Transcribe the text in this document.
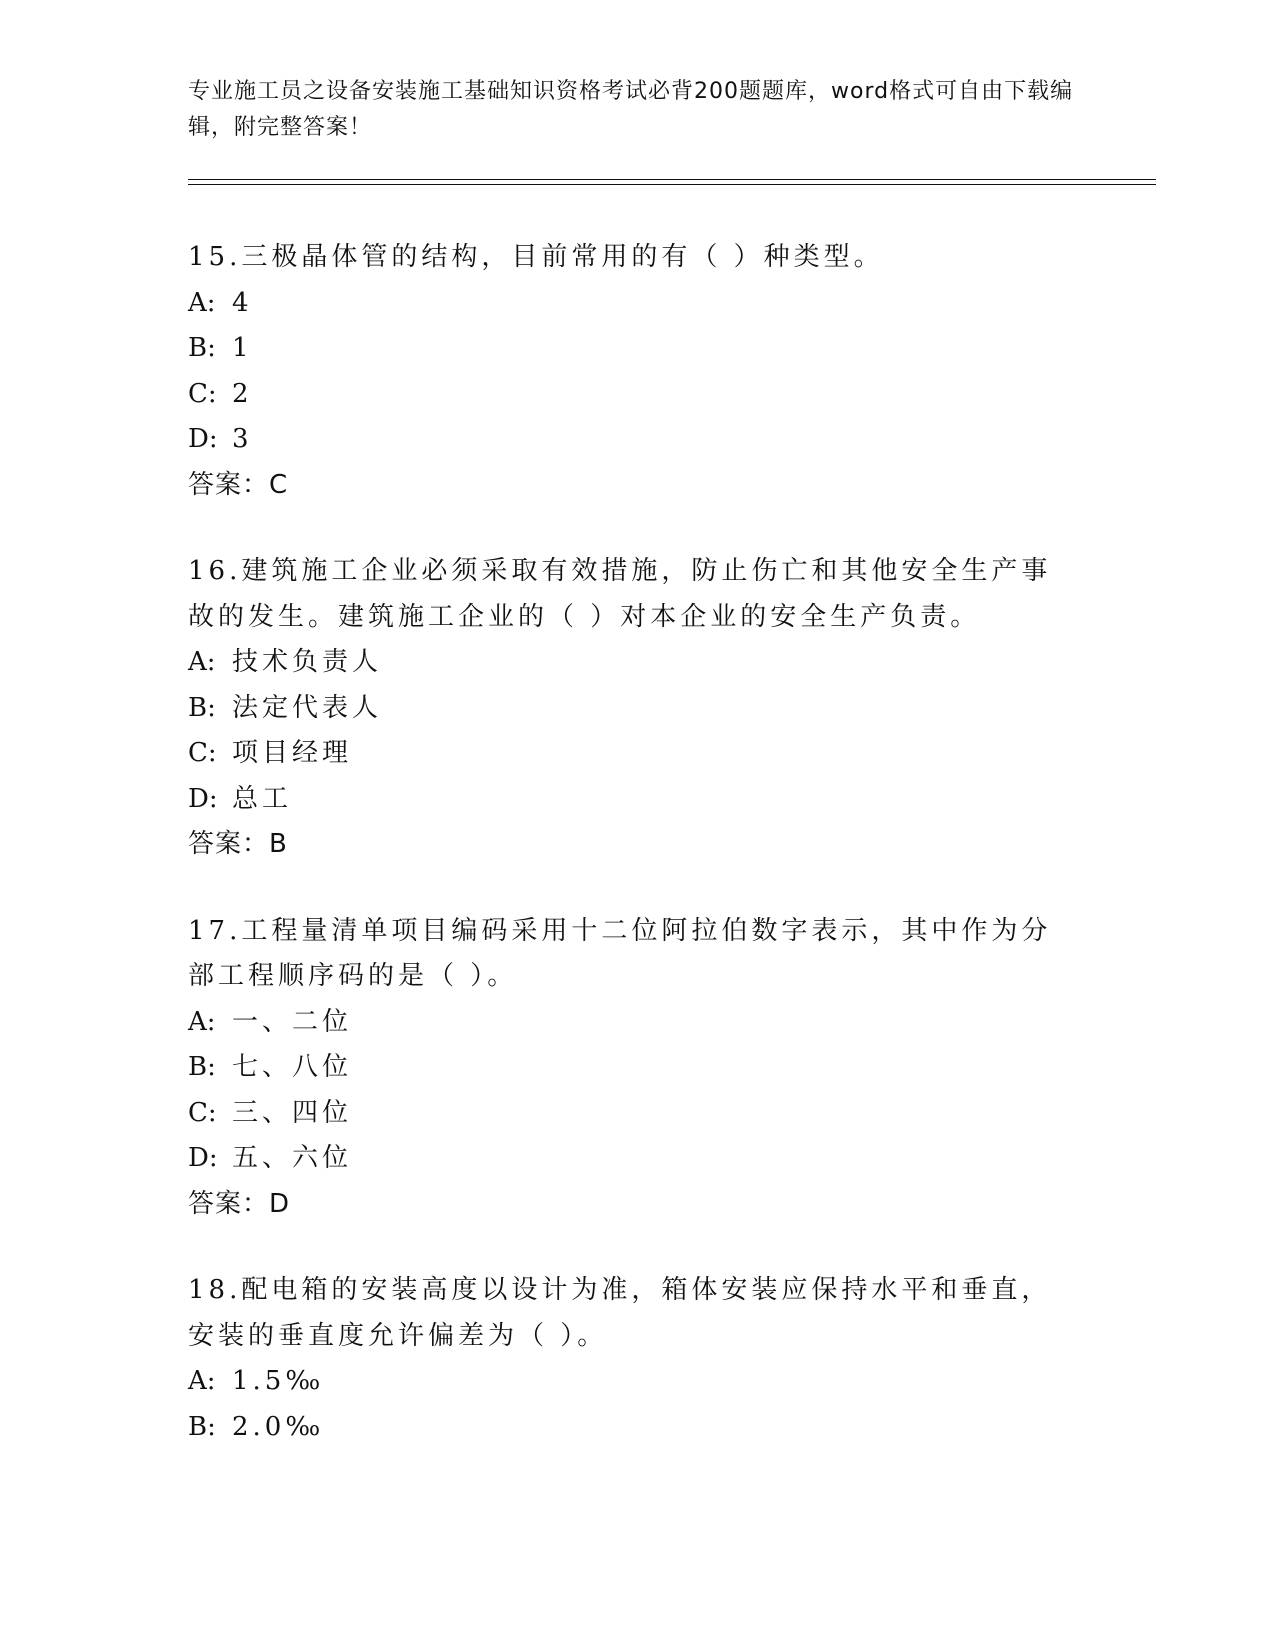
专业施工员之设备安装施工基础知识资格考试必背200题题库，word格式可自由下载编辑，附完整答案！
15.三极晶体管的结构，目前常用的有（ ）种类型。
A: 4
B: 1
C: 2
D: 3
答案：C
16.建筑施工企业必须采取有效措施，防止伤亡和其他安全生产事故的发生。建筑施工企业的（ ）对本企业的安全生产负责。
A: 技术负责人
B: 法定代表人
C: 项目经理
D: 总工
答案：B
17.工程量清单项目编码采用十二位阿拉伯数字表示，其中作为分部工程顺序码的是（ ）。
A: 一、二位
B: 七、八位
C: 三、四位
D: 五、六位
答案：D
18.配电箱的安装高度以设计为准，箱体安装应保持水平和垂直，安装的垂直度允许偏差为（ ）。
A: 1.5‰
B: 2.0‰
